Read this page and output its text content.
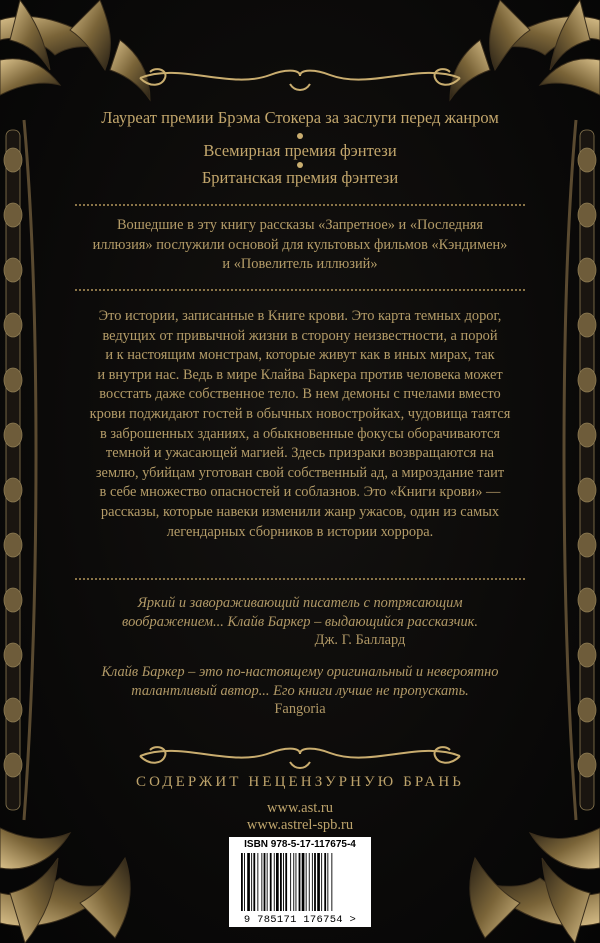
Лауреат премии Брэма Стокера за заслуги перед жанром
Всемирная премия фэнтези
Британская премия фэнтези
Вошедшие в эту книгу рассказы «Запретное» и «Последняя
иллюзия» послужили основой для культовых фильмов «Кэндимен»
и «Повелитель иллюзий»
Это истории, записанные в Книге крови. Это карта темных дорог,
ведущих от привычной жизни в сторону неизвестности, а порой
и к настоящим монстрам, которые живут как в иных мирах, так
и внутри нас. Ведь в мире Клайва Баркера против человека может
восстать даже собственное тело. В нем демоны с пчелами вместо
крови поджидают гостей в обычных новостройках, чудовища таятся
в заброшенных зданиях, а обыкновенные фокусы оборачиваются
темной и ужасающей магией. Здесь призраки возвращаются на
землю, убийцам уготован свой собственный ад, а мироздание таит
в себе множество опасностей и соблазнов. Это «Книги крови» —
рассказы, которые навеки изменили жанр ужасов, один из самых
легендарных сборников в истории хоррора.
Яркий и завораживающий писатель с потрясающим
воображением... Клайв Баркер – выдающийся рассказчик.
Дж. Г. Баллард
Клайв Баркер – это по-настоящему оригинальный и невероятно
талантливый автор... Его книги лучше не пропускать.
Fangoria
СОДЕРЖИТ НЕЦЕНЗУРНУЮ БРАНЬ
www.ast.ru
www.astrel-spb.ru
ISBN 978-5-17-117675-4
9 785171 176754 >
